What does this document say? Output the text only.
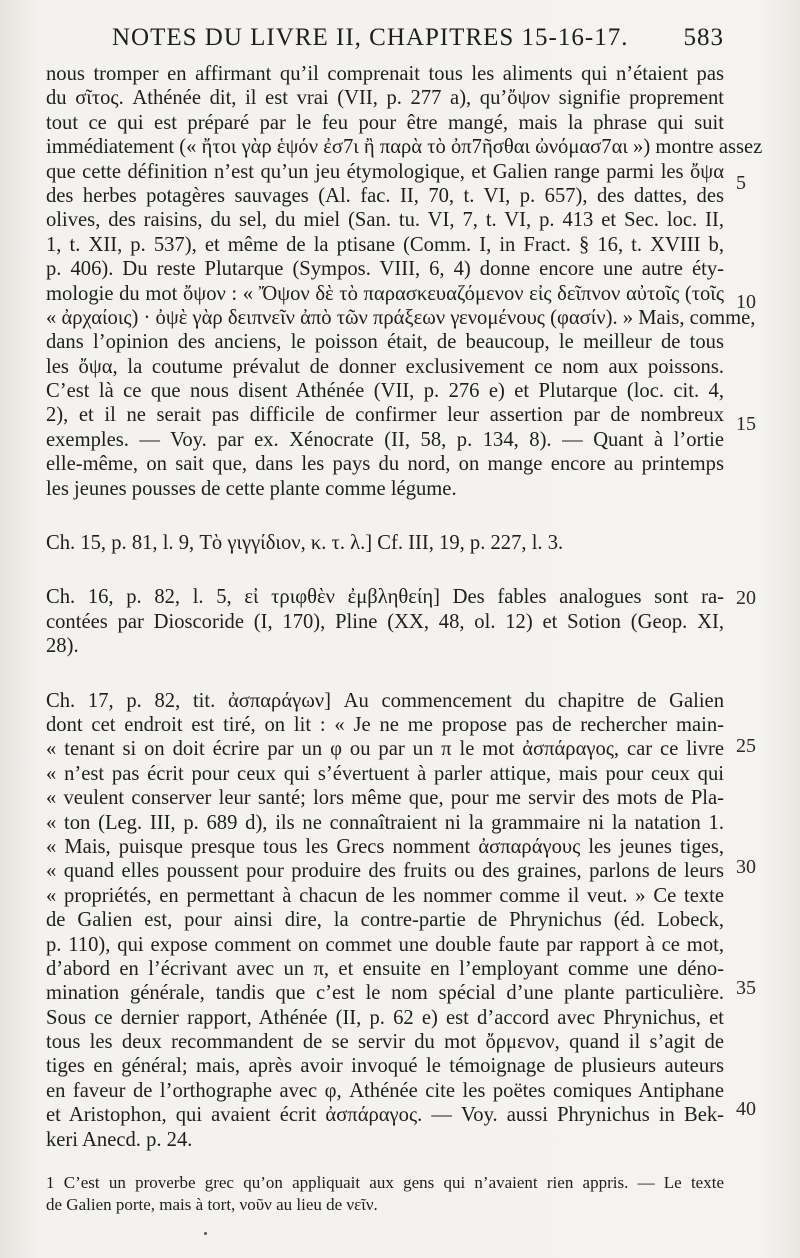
NOTES DU LIVRE II, CHAPITRES 15-16-17. 583
nous tromper en affirmant qu’il comprenait tous les aliments qui n’étaient pas
du σῖτος. Athénée dit, il est vrai (VII, p. 277 a), qu’ὄψον signifie proprement
tout ce qui est préparé par le feu pour être mangé, mais la phrase qui suit
immédiatement (« ἤτοι γὰρ ἑψόν ἐσ7ι ἢ παρὰ τὸ ὀπ7ῆσθαι ὠνόμασ7αι ») montre assez
que cette définition n’est qu’un jeu étymologique, et Galien range parmi les ὄψα
des herbes potagères sauvages (Al. fac. II, 70, t. VI, p. 657), des dattes, des
olives, des raisins, du sel, du miel (San. tu. VI, 7, t. VI, p. 413 et Sec. loc. II,
1, t. XII, p. 537), et même de la ptisane (Comm. I, in Fract. § 16, t. XVIII b,
p. 406). Du reste Plutarque (Sympos. VIII, 6, 4) donne encore une autre éty-
mologie du mot ὄψον : « Ὄψον δὲ τὸ παρασκευαζόμενον εἰς δεῖπνον αὐτοῖς (τοῖς
« ἀρχαίοις) · ὀψὲ γὰρ δειπνεῖν ἀπὸ τῶν πράξεων γενομένους (φασίν). » Mais, comme,
dans l’opinion des anciens, le poisson était, de beaucoup, le meilleur de tous
les ὄψα, la coutume prévalut de donner exclusivement ce nom aux poissons.
C’est là ce que nous disent Athénée (VII, p. 276 e) et Plutarque (loc. cit. 4,
2), et il ne serait pas difficile de confirmer leur assertion par de nombreux
exemples. — Voy. par ex. Xénocrate (II, 58, p. 134, 8). — Quant à l’ortie
elle-même, on sait que, dans les pays du nord, on mange encore au printemps
les jeunes pousses de cette plante comme légume.
Ch. 15, p. 81, l. 9, Τὸ γιγγίδιον, κ. τ. λ.] Cf. III, 19, p. 227, l. 3.
Ch. 16, p. 82, l. 5, εἰ τριφθὲν ἐμβληθείη] Des fables analogues sont ra-
contées par Dioscoride (I, 170), Pline (XX, 48, ol. 12) et Sotion (Geop. XI,
28).
Ch. 17, p. 82, tit. ἀσπαράγων] Au commencement du chapitre de Galien
dont cet endroit est tiré, on lit : « Je ne me propose pas de rechercher main-
« tenant si on doit écrire par un φ ou par un π le mot ἀσπάραγος, car ce livre
« n’est pas écrit pour ceux qui s’évertuent à parler attique, mais pour ceux qui
« veulent conserver leur santé; lors même que, pour me servir des mots de Pla-
« ton (Leg. III, p. 689 d), ils ne connaîtraient ni la grammaire ni la natation 1.
« Mais, puisque presque tous les Grecs nomment ἀσπαράγους les jeunes tiges,
« quand elles poussent pour produire des fruits ou des graines, parlons de leurs
« propriétés, en permettant à chacun de les nommer comme il veut. » Ce texte
de Galien est, pour ainsi dire, la contre-partie de Phrynichus (éd. Lobeck,
p. 110), qui expose comment on commet une double faute par rapport à ce mot,
d’abord en l’écrivant avec un π, et ensuite en l’employant comme une déno-
mination générale, tandis que c’est le nom spécial d’une plante particulière.
Sous ce dernier rapport, Athénée (II, p. 62 e) est d’accord avec Phrynichus, et
tous les deux recommandent de se servir du mot ὄρμενον, quand il s’agit de
tiges en général; mais, après avoir invoqué le témoignage de plusieurs auteurs
en faveur de l’orthographe avec φ, Athénée cite les poëtes comiques Antiphane
et Aristophon, qui avaient écrit ἀσπάραγος. — Voy. aussi Phrynichus in Bek-
keri Anecd. p. 24.
1 C’est un proverbe grec qu’on appliquait aux gens qui n’avaient rien appris. — Le texte
de Galien porte, mais à tort, νοῦν au lieu de νεῖν.
5
10
15
20
25
30
35
40
